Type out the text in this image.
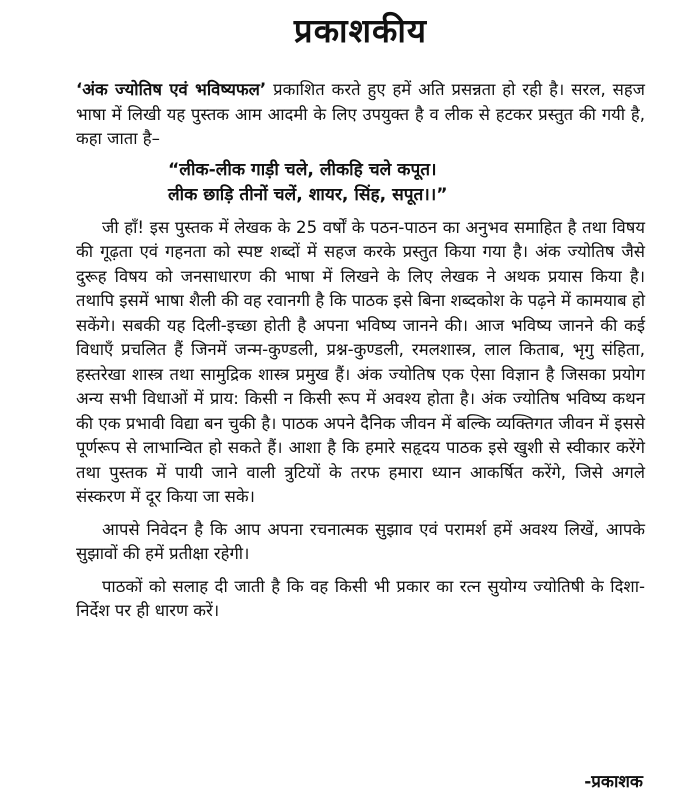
प्रकाशकीय

‘अंक ज्योतिष एवं भविष्यफल’ प्रकाशित करते हुए हमें अति प्रसन्नता हो रही है। सरल, सहज भाषा में लिखी यह पुस्तक आम आदमी के लिए उपयुक्त है व लीक से हटकर प्रस्तुत की गयी है, कहा जाता है–

“लीक-लीक गाड़ी चले, लीकहि चले कपूत।
लीक छाड़ि तीनों चलें, शायर, सिंह, सपूत।।”

जी हाँ! इस पुस्तक में लेखक के 25 वर्षों के पठन-पाठन का अनुभव समाहित है तथा विषय की गूढ़ता एवं गहनता को स्पष्ट शब्दों में सहज करके प्रस्तुत किया गया है। अंक ज्योतिष जैसे दुरूह विषय को जनसाधारण की भाषा में लिखने के लिए लेखक ने अथक प्रयास किया है। तथापि इसमें भाषा शैली की वह रवानगी है कि पाठक इसे बिना शब्दकोश के पढ़ने में कामयाब हो सकेंगे। सबकी यह दिली-इच्छा होती है अपना भविष्य जानने की। आज भविष्य जानने की कई विधाएँ प्रचलित हैं जिनमें जन्म-कुण्डली, प्रश्न-कुण्डली, रमलशास्त्र, लाल किताब, भृगु संहिता, हस्तरेखा शास्त्र तथा सामुद्रिक शास्त्र प्रमुख हैं। अंक ज्योतिष एक ऐसा विज्ञान है जिसका प्रयोग अन्य सभी विधाओं में प्राय: किसी न किसी रूप में अवश्य होता है। अंक ज्योतिष भविष्य कथन की एक प्रभावी विद्या बन चुकी है। पाठक अपने दैनिक जीवन में बल्कि व्यक्तिगत जीवन में इससे पूर्णरूप से लाभान्वित हो सकते हैं। आशा है कि हमारे सहृदय पाठक इसे खुशी से स्वीकार करेंगे तथा पुस्तक में पायी जाने वाली त्रुटियों के तरफ हमारा ध्यान आकर्षित करेंगे, जिसे अगले संस्करण में दूर किया जा सके।

आपसे निवेदन है कि आप अपना रचनात्मक सुझाव एवं परामर्श हमें अवश्य लिखें, आपके सुझावों की हमें प्रतीक्षा रहेगी।

पाठकों को सलाह दी जाती है कि वह किसी भी प्रकार का रत्न सुयोग्य ज्योतिषी के दिशा-निर्देश पर ही धारण करें।

-प्रकाशक
